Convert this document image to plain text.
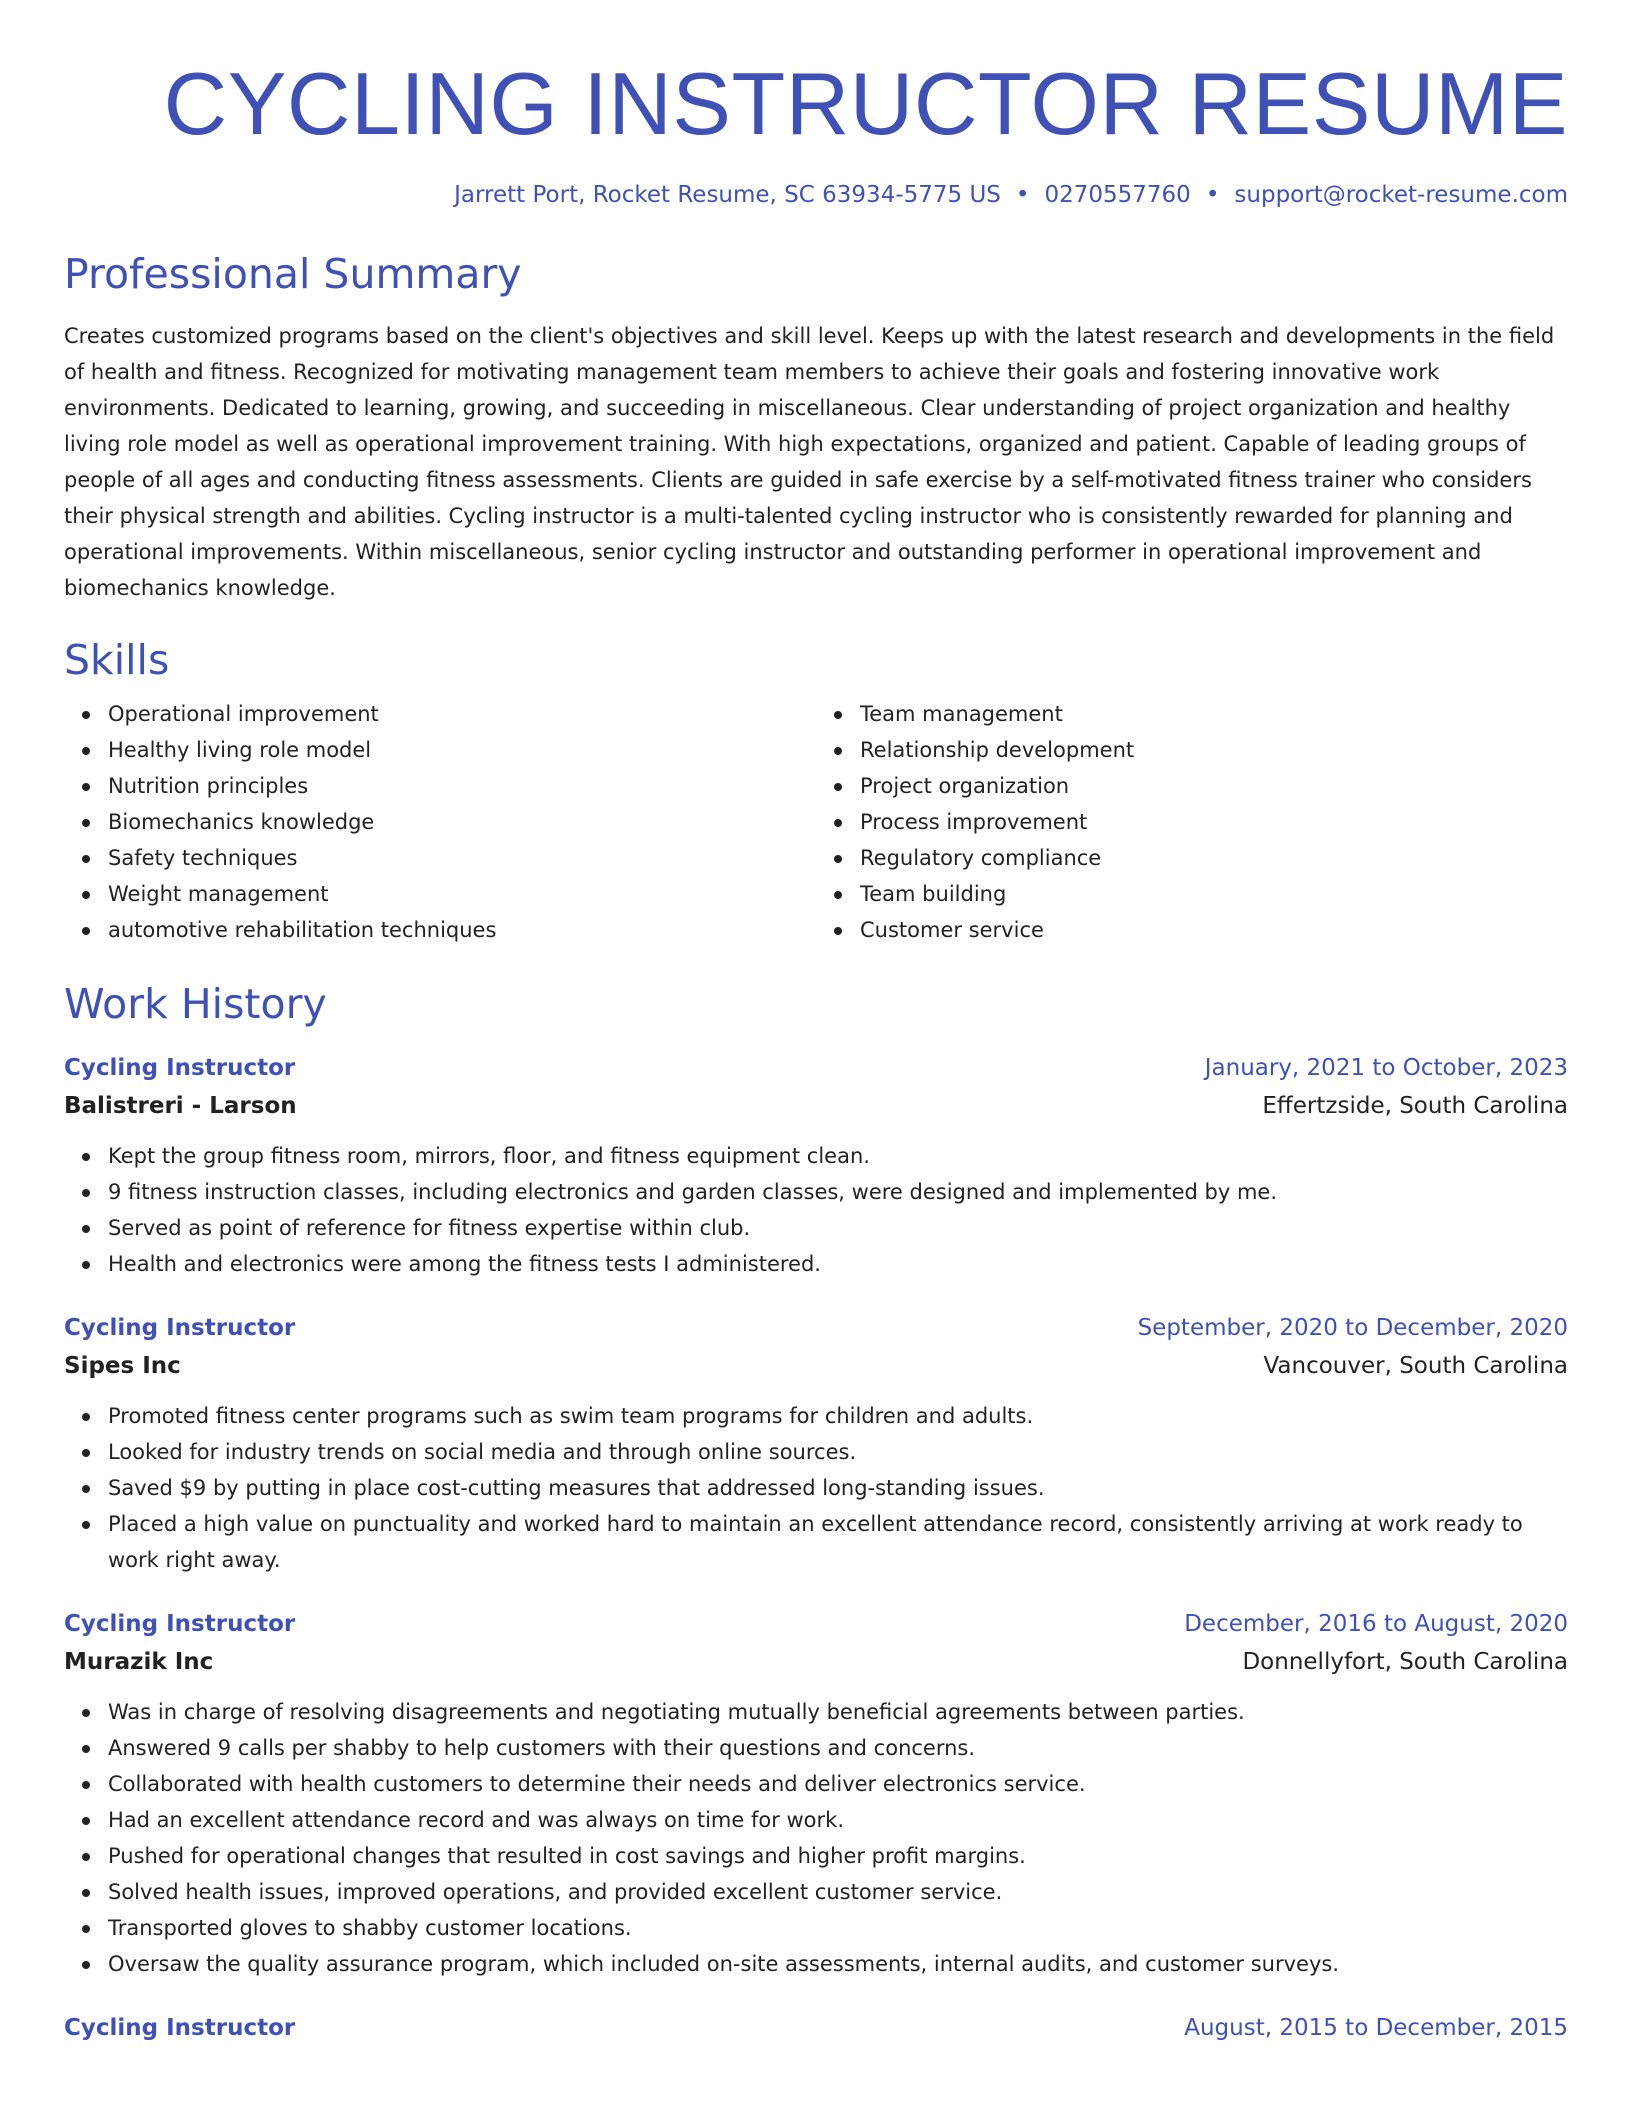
CYCLING INSTRUCTOR RESUME
Jarrett Port, Rocket Resume, SC 63934-5775 US • 0270557760 • support@rocket-resume.com
Professional Summary

Creates customized programs based on the client's objectives and skill level. Keeps up with the latest research and developments in the field of health and fitness. Recognized for motivating management team members to achieve their goals and fostering innovative work environments. Dedicated to learning, growing, and succeeding in miscellaneous. Clear understanding of project organization and healthy living role model as well as operational improvement training. With high expectations, organized and patient. Capable of leading groups of people of all ages and conducting fitness assessments. Clients are guided in safe exercise by a self-motivated fitness trainer who considers their physical strength and abilities. Cycling instructor is a multi-talented cycling instructor who is consistently rewarded for planning and operational improvements. Within miscellaneous, senior cycling instructor and outstanding performer in operational improvement and biomechanics knowledge.

Skills
Operational improvement
Healthy living role model
Nutrition principles
Biomechanics knowledge
Safety techniques
Weight management
automotive rehabilitation techniques
Team management
Relationship development
Project organization
Process improvement
Regulatory compliance
Team building
Customer service
Work History
Cycling Instructor	January, 2021 to October, 2023
Balistreri - Larson	Effertzside, South Carolina
Kept the group fitness room, mirrors, floor, and fitness equipment clean.
9 fitness instruction classes, including electronics and garden classes, were designed and implemented by me.
Served as point of reference for fitness expertise within club.
Health and electronics were among the fitness tests I administered.
Cycling Instructor	September, 2020 to December, 2020
Sipes Inc	Vancouver, South Carolina
Promoted fitness center programs such as swim team programs for children and adults.
Looked for industry trends on social media and through online sources.
Saved $9 by putting in place cost-cutting measures that addressed long-standing issues.
Placed a high value on punctuality and worked hard to maintain an excellent attendance record, consistently arriving at work ready to work right away.
Cycling Instructor	December, 2016 to August, 2020
Murazik Inc	Donnellyfort, South Carolina
Was in charge of resolving disagreements and negotiating mutually beneficial agreements between parties.
Answered 9 calls per shabby to help customers with their questions and concerns.
Collaborated with health customers to determine their needs and deliver electronics service.
Had an excellent attendance record and was always on time for work.
Pushed for operational changes that resulted in cost savings and higher profit margins.
Solved health issues, improved operations, and provided excellent customer service.
Transported gloves to shabby customer locations.
Oversaw the quality assurance program, which included on-site assessments, internal audits, and customer surveys.
Cycling Instructor	August, 2015 to December, 2015
